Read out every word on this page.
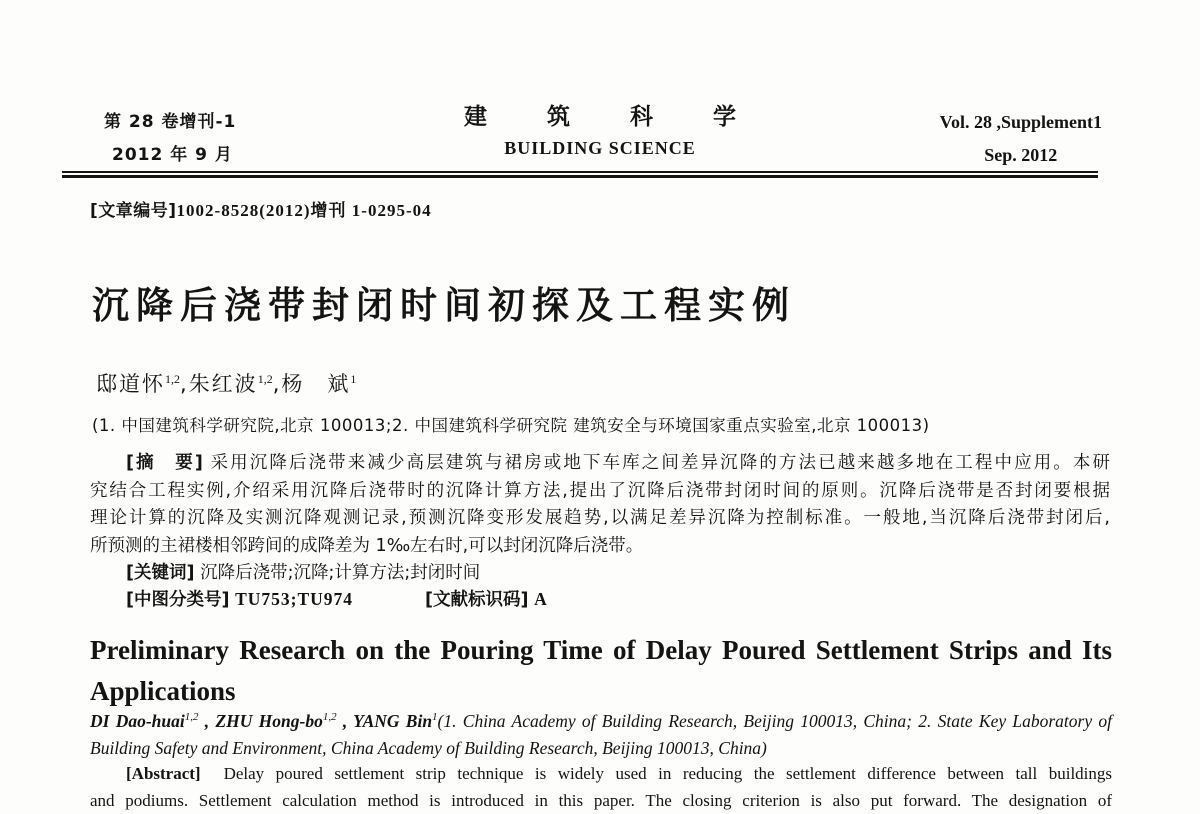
第 28 卷增刊-1
2012 年 9 月
建 筑 科 学
BUILDING SCIENCE
Vol. 28 ,Supplement1
Sep. 2012
[文章编号]1002-8528(2012)增刊 1-0295-04
沉降后浇带封闭时间初探及工程实例
邸道怀$^{1,2}$,朱红波$^{1,2}$,杨　斌$^1$
(1. 中国建筑科学研究院,北京 100013;2. 中国建筑科学研究院 建筑安全与环境国家重点实验室,北京 100013)
[摘　要] 采用沉降后浇带来减少高层建筑与裙房或地下车库之间差异沉降的方法已越来越多地在工程中应用。本研
究结合工程实例,介绍采用沉降后浇带时的沉降计算方法,提出了沉降后浇带封闭时间的原则。沉降后浇带是否封闭要根据
理论计算的沉降及实测沉降观测记录,预测沉降变形发展趋势,以满足差异沉降为控制标准。一般地,当沉降后浇带封闭后,
所预测的主裙楼相邻跨间的成降差为 1‰左右时,可以封闭沉降后浇带。
[关键词] 沉降后浇带;沉降;计算方法;封闭时间
[中图分类号] TU753;TU974	[文献标识码] A
Preliminary Research on the Pouring Time of Delay Poured Settlement Strips and Its
Applications
DI Dao-huai$^{1,2}$ , ZHU Hong-bo$^{1,2}$ , YANG Bin$^1$(1. China Academy of Building Research, Beijing 100013, China; 2. State Key Laboratory of Building Safety and Environment, China Academy of Building Research, Beijing 100013, China)
[Abstract] Delay poured settlement strip technique is widely used in reducing the settlement difference between tall buildings
and podiums. Settlement calculation method is introduced in this paper. The closing criterion is also put forward. The designation of
